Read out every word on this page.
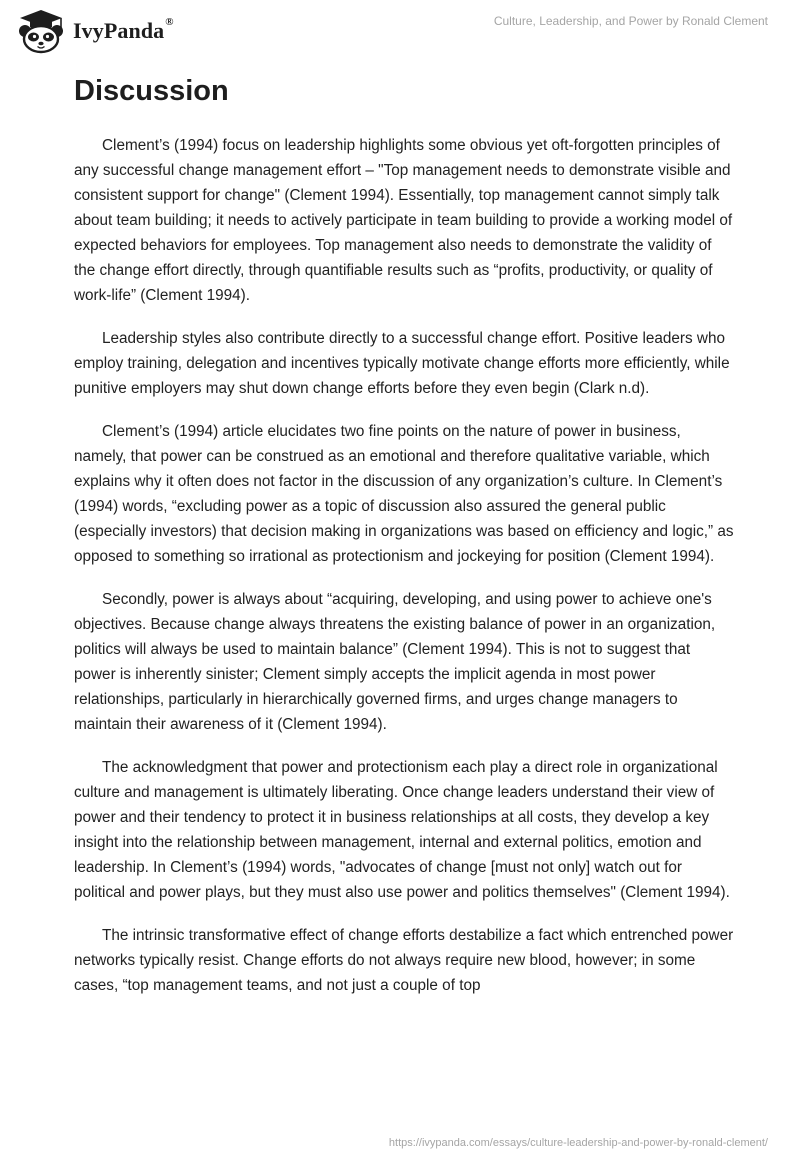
IvyPanda®	Culture, Leadership, and Power by Ronald Clement
Discussion

Clement’s (1994) focus on leadership highlights some obvious yet oft-forgotten principles of any successful change management effort – "Top management needs to demonstrate visible and consistent support for change" (Clement 1994). Essentially, top management cannot simply talk about team building; it needs to actively participate in team building to provide a working model of expected behaviors for employees. Top management also needs to demonstrate the validity of the change effort directly, through quantifiable results such as “profits, productivity, or quality of work-life” (Clement 1994).

Leadership styles also contribute directly to a successful change effort. Positive leaders who employ training, delegation and incentives typically motivate change efforts more efficiently, while punitive employers may shut down change efforts before they even begin (Clark n.d).

Clement’s (1994) article elucidates two fine points on the nature of power in business, namely, that power can be construed as an emotional and therefore qualitative variable, which explains why it often does not factor in the discussion of any organization’s culture. In Clement’s (1994) words, “excluding power as a topic of discussion also assured the general public (especially investors) that decision making in organizations was based on efficiency and logic,” as opposed to something so irrational as protectionism and jockeying for position (Clement 1994).

Secondly, power is always about “acquiring, developing, and using power to achieve one's objectives. Because change always threatens the existing balance of power in an organization, politics will always be used to maintain balance” (Clement 1994). This is not to suggest that power is inherently sinister; Clement simply accepts the implicit agenda in most power relationships, particularly in hierarchically governed firms, and urges change managers to maintain their awareness of it (Clement 1994).

The acknowledgment that power and protectionism each play a direct role in organizational culture and management is ultimately liberating. Once change leaders understand their view of power and their tendency to protect it in business relationships at all costs, they develop a key insight into the relationship between management, internal and external politics, emotion and leadership. In Clement’s (1994) words, "advocates of change [must not only] watch out for political and power plays, but they must also use power and politics themselves" (Clement 1994).

The intrinsic transformative effect of change efforts destabilize a fact which entrenched power networks typically resist. Change efforts do not always require new blood, however; in some cases, “top management teams, and not just a couple of top

https://ivypanda.com/essays/culture-leadership-and-power-by-ronald-clement/
